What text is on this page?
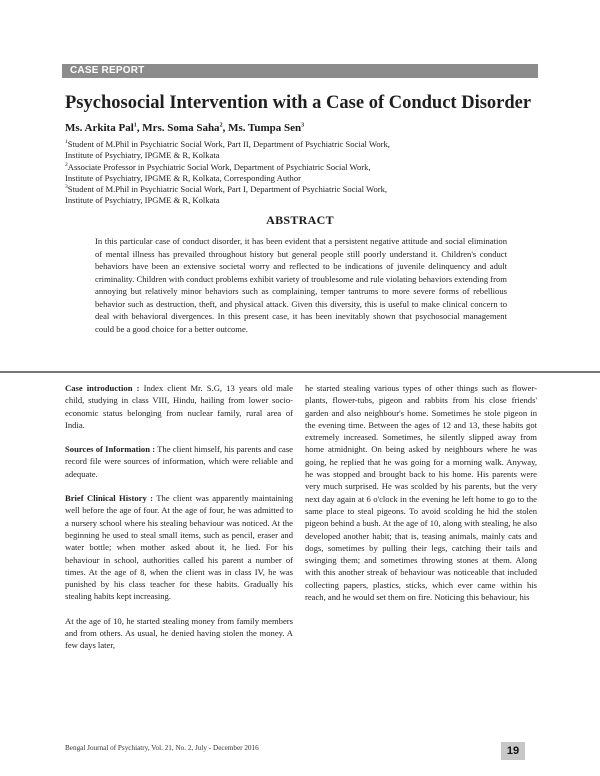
CASE REPORT
Psychosocial Intervention with a Case of Conduct Disorder
Ms. Arkita Pal$^1$, Mrs. Soma Saha$^2$, Ms. Tumpa Sen$^3$
$^1$Student of M.Phil in Psychiatric Social Work, Part II, Department of Psychiatric Social Work,
Institute of Psychiatry, IPGME & R, Kolkata
$^2$Associate Professor in Psychiatric Social Work, Department of Psychiatric Social Work,
Institute of Psychiatry, IPGME & R, Kolkata, Corresponding Author
$^3$Student of M.Phil in Psychiatric Social Work, Part I, Department of Psychiatric Social Work,
Institute of Psychiatry, IPGME & R, Kolkata
ABSTRACT

In this particular case of conduct disorder, it has been evident that a persistent negative attitude and social elimination of mental illness has prevailed throughout history but general people still poorly understand it. Children's conduct behaviors have been an extensive societal worry and reflected to be indications of juvenile delinquency and adult criminality. Children with conduct problems exhibit variety of troublesome and rule violating behaviors extending from annoying but relatively minor behaviors such as complaining, temper tantrums to more severe forms of rebellious behavior such as destruction, theft, and physical attack. Given this diversity, this is useful to make clinical concern to deal with behavioral divergences. In this present case, it has been inevitably shown that psychosocial management could be a good choice for a better outcome.

Case introduction : Index client Mr. S.G, 13 years old male child, studying in class VIII, Hindu, hailing from lower socio-economic status belonging from nuclear family, rural area of India.

Sources of Information : The client himself, his parents and case record file were sources of information, which were reliable and adequate.

Brief Clinical History : The client was apparently maintaining well before the age of four. At the age of four, he was admitted to a nursery school where his stealing behaviour was noticed. At the beginning he used to steal small items, such as pencil, eraser and water bottle; when mother asked about it, he lied. For his behaviour in school, authorities called his parent a number of times. At the age of 8, when the client was in class IV, he was punished by his class teacher for these habits. Gradually his stealing habits kept increasing.

At the age of 10, he started stealing money from family members and from others. As usual, he denied having stolen the money. A few days later,

he started stealing various types of other things such as flower-plants, flower-tubs, pigeon and rabbits from his close friends' garden and also neighbour's home. Sometimes he stole pigeon in the evening time. Between the ages of 12 and 13, these habits got extremely increased. Sometimes, he silently slipped away from home atmidnight. On being asked by neighbours where he was going, he replied that he was going for a morning walk. Anyway, he was stopped and brought back to his home. His parents were very much surprised. He was scolded by his parents, but the very next day again at 6 o'clock in the evening he left home to go to the same place to steal pigeons. To avoid scolding he hid the stolen pigeon behind a bush. At the age of 10, along with stealing, he also developed another habit; that is, teasing animals, mainly cats and dogs, sometimes by pulling their legs, catching their tails and swinging them; and sometimes throwing stones at them. Along with this another streak of behaviour was noticeable that included collecting papers, plastics, sticks, which ever came within his reach, and he would set them on fire. Noticing this behaviour, his

Bengal Journal of Psychiatry, Vol. 21, No. 2, July - December 2016	19
